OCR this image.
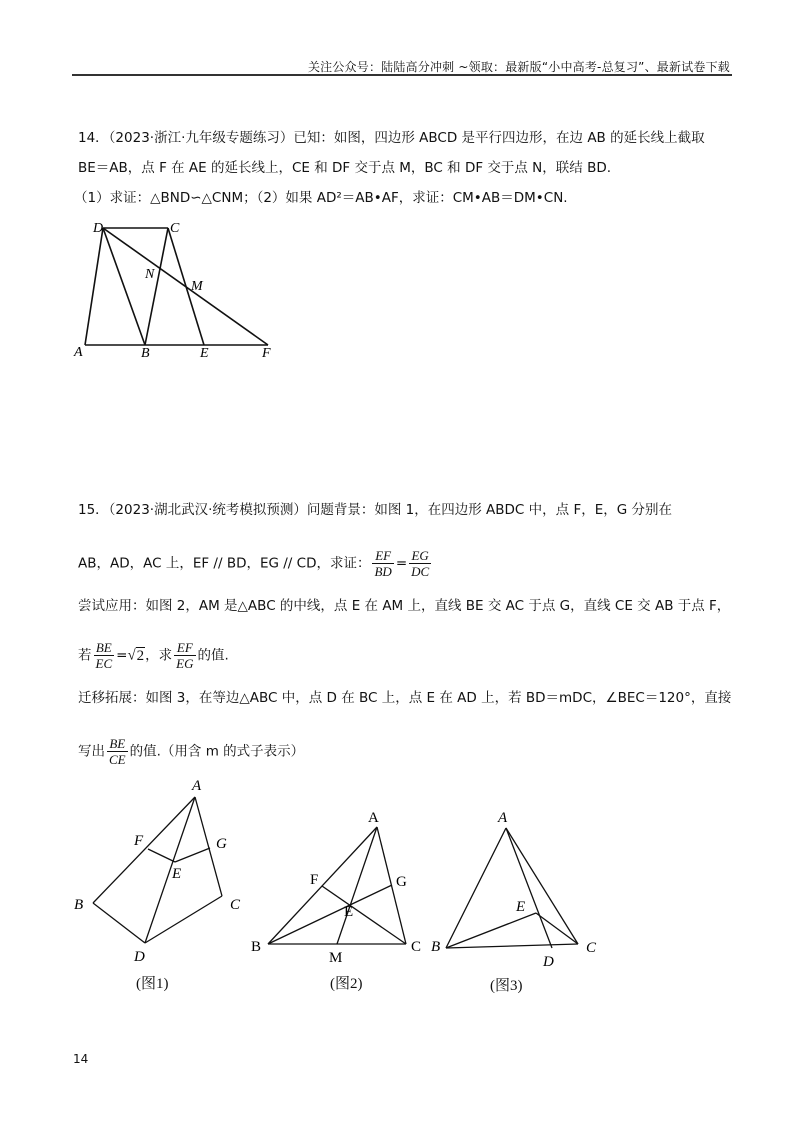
关注公众号：陆陆高分冲刺 ~领取：最新版“小中高考-总复习”、最新试卷下载
14．（2023·浙江·九年级专题练习）已知：如图，四边形 ABCD 是平行四边形，在边 AB 的延长线上截取
BE＝AB，点 F 在 AE 的延长线上，CE 和 DF 交于点 M，BC 和 DF 交于点 N，联结 BD.
（1）求证：△BND∽△CNM；（2）如果 AD²＝AB•AF，求证：CM•AB＝DM•CN.
D	C
N
M
A	B	E	F
15．（2023·湖北武汉·统考模拟预测）问题背景：如图 1，在四边形 ABDC 中，点 F，E，G 分别在
AB，AD，AC 上，EF // BD，EG // CD，求证： $\frac{EF}{BD} = \frac{EG}{DC}$
尝试应用：如图 2，AM 是△ABC 的中线，点 E 在 AM 上，直线 BE 交 AC 于点 G，直线 CE 交 AB 于点 F，
若 $\frac{BE}{EC} =√2$，求 $\frac{EF}{EG}$ 的值.
迁移拓展：如图 3，在等边△ABC 中，点 D 在 BC 上，点 E 在 AD 上，若 BD＝mDC，∠BEC＝120°，直接
写出 $\frac{BE}{CE}$ 的值.（用含 m 的式子表示）
A
F	G
E
B	C
D
A
F	G
E
B	C
M
A
E
B	C
D
(图1)	(图2)	(图3)
14
